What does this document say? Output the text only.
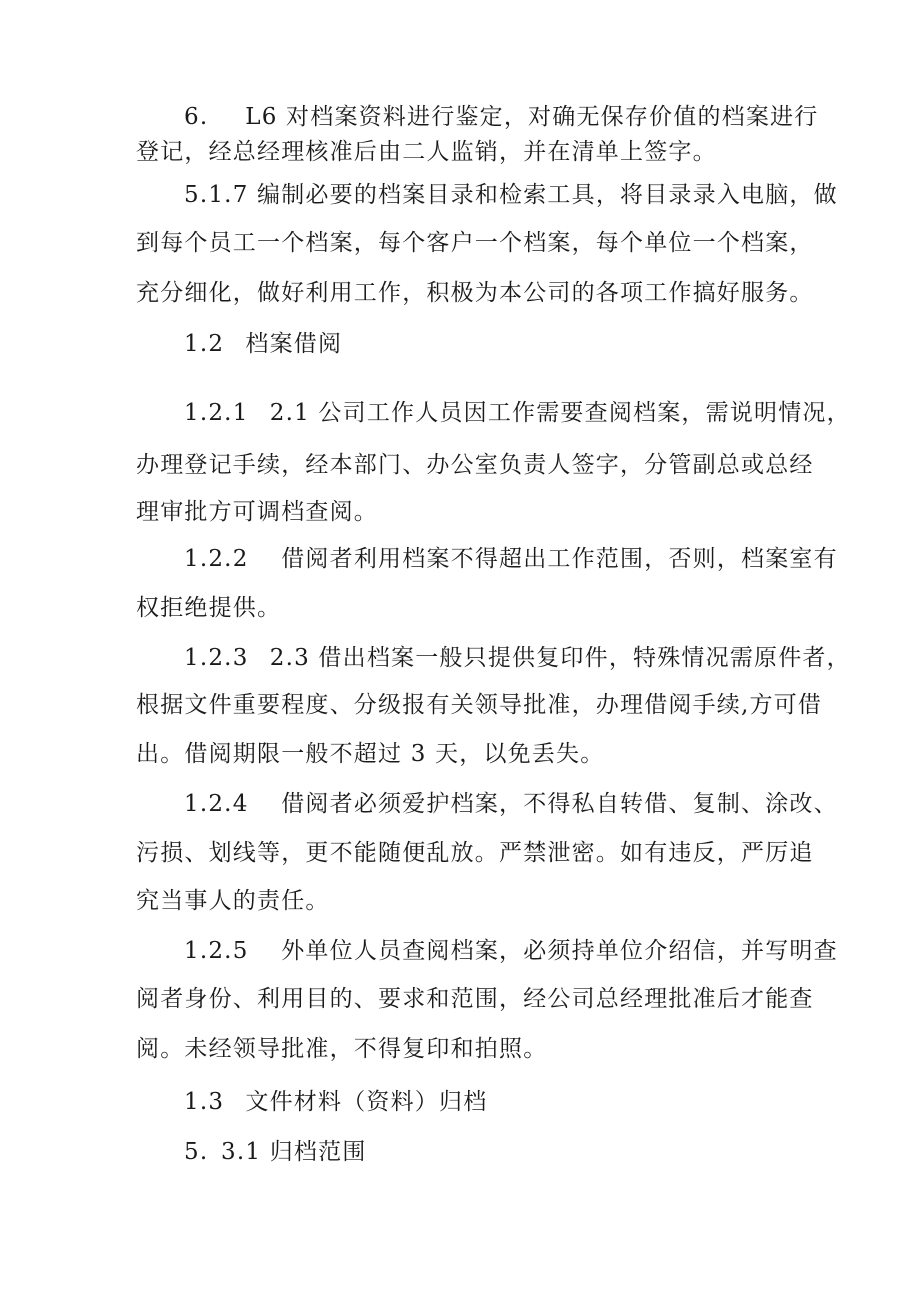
6.  L6 对档案资料进行鉴定，对确无保存价值的档案进行
登记，经总经理核准后由二人监销，并在清单上签字。
5.1.7 编制必要的档案目录和检索工具，将目录录入电脑，做
到每个员工一个档案，每个客户一个档案，每个单位一个档案，
充分细化，做好利用工作，积极为本公司的各项工作搞好服务。
1.2  档案借阅
1.2.1  2.1 公司工作人员因工作需要查阅档案，需说明情况，
办理登记手续，经本部门、办公室负责人签字，分管副总或总经
理审批方可调档查阅。
1.2.2  借阅者利用档案不得超出工作范围，否则，档案室有
权拒绝提供。
1.2.3  2.3 借出档案一般只提供复印件，特殊情况需原件者，
根据文件重要程度、分级报有关领导批准，办理借阅手续,方可借
出。借阅期限一般不超过 3 天，以免丢失。
1.2.4  借阅者必须爱护档案，不得私自转借、复制、涂改、
污损、划线等，更不能随便乱放。严禁泄密。如有违反，严厉追
究当事人的责任。
1.2.5  外单位人员查阅档案，必须持单位介绍信，并写明查
阅者身份、利用目的、要求和范围，经公司总经理批准后才能查
阅。未经领导批准，不得复印和拍照。
1.3  文件材料（资料）归档
5. 3.1 归档范围
